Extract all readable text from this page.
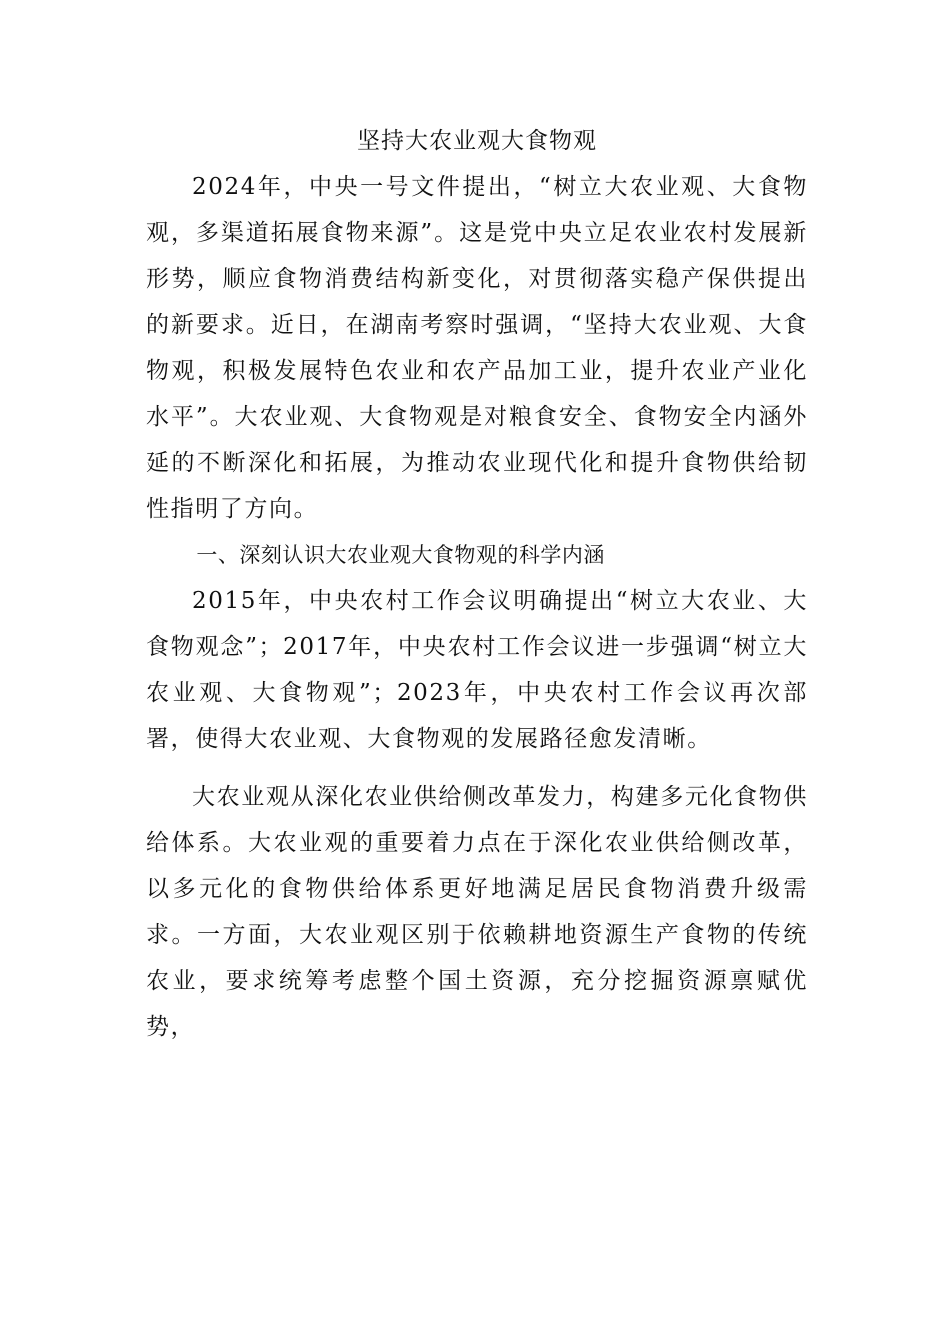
坚持大农业观大食物观

2024年，中央一号文件提出，“树立大农业观、大食物观，多渠道拓展食物来源”。这是党中央立足农业农村发展新形势，顺应食物消费结构新变化，对贯彻落实稳产保供提出的新要求。近日，在湖南考察时强调，“坚持大农业观、大食物观，积极发展特色农业和农产品加工业，提升农业产业化水平”。大农业观、大食物观是对粮食安全、食物安全内涵外延的不断深化和拓展，为推动农业现代化和提升食物供给韧性指明了方向。

一、深刻认识大农业观大食物观的科学内涵

2015年，中央农村工作会议明确提出“树立大农业、大食物观念”；2017年，中央农村工作会议进一步强调“树立大农业观、大食物观”；2023年，中央农村工作会议再次部署，使得大农业观、大食物观的发展路径愈发清晰。

大农业观从深化农业供给侧改革发力，构建多元化食物供给体系。大农业观的重要着力点在于深化农业供给侧改革，以多元化的食物供给体系更好地满足居民食物消费升级需求。一方面，大农业观区别于依赖耕地资源生产食物的传统农业，要求统筹考虑整个国土资源，充分挖掘资源禀赋优势，
